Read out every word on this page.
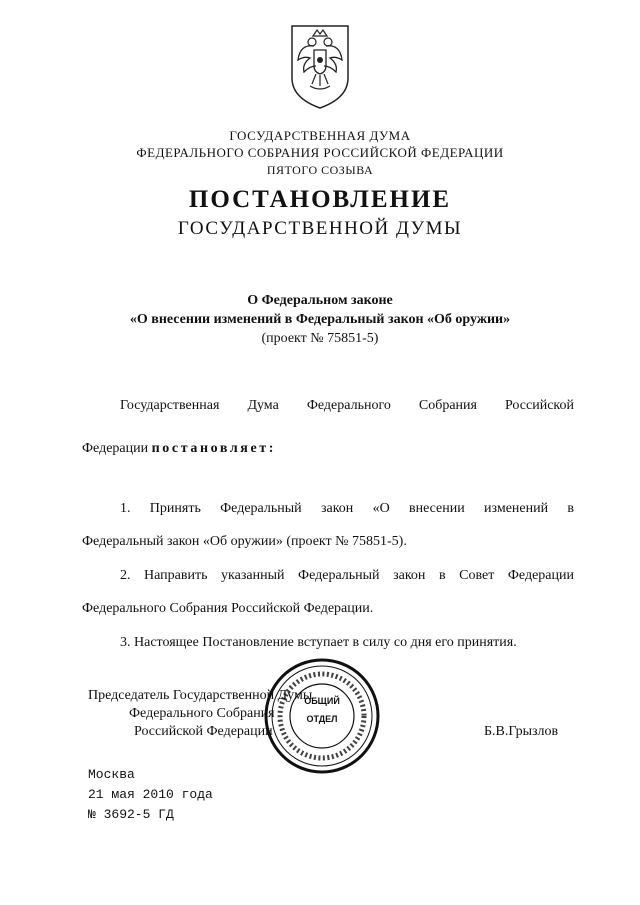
ГОСУДАРСТВЕННАЯ ДУМА
ФЕДЕРАЛЬНОГО СОБРАНИЯ РОССИЙСКОЙ ФЕДЕРАЦИИ
ПЯТОГО СОЗЫВА
ПОСТАНОВЛЕНИЕ
ГОСУДАРСТВЕННОЙ ДУМЫ
О Федеральном законе
«О внесении изменений в Федеральный закон «Об оружии»
(проект № 75851-5)
Государственная Дума Федерального Собрания Российской
Федерации постановляет:
1. Принять Федеральный закон «О внесении изменений в
Федеральный закон «Об оружии» (проект № 75851-5).
2. Направить указанный Федеральный закон в Совет Федерации
Федерального Собрания Российской Федерации.
3. Настоящее Постановление вступает в силу со дня его принятия.
Председатель Государственной Думы
Федерального Собрания
Российской Федерации	Б.В.Грызлов
ОБЩИЙ
ОТДЕЛ
Москва
21 мая 2010 года
№ 3692-5 ГД
